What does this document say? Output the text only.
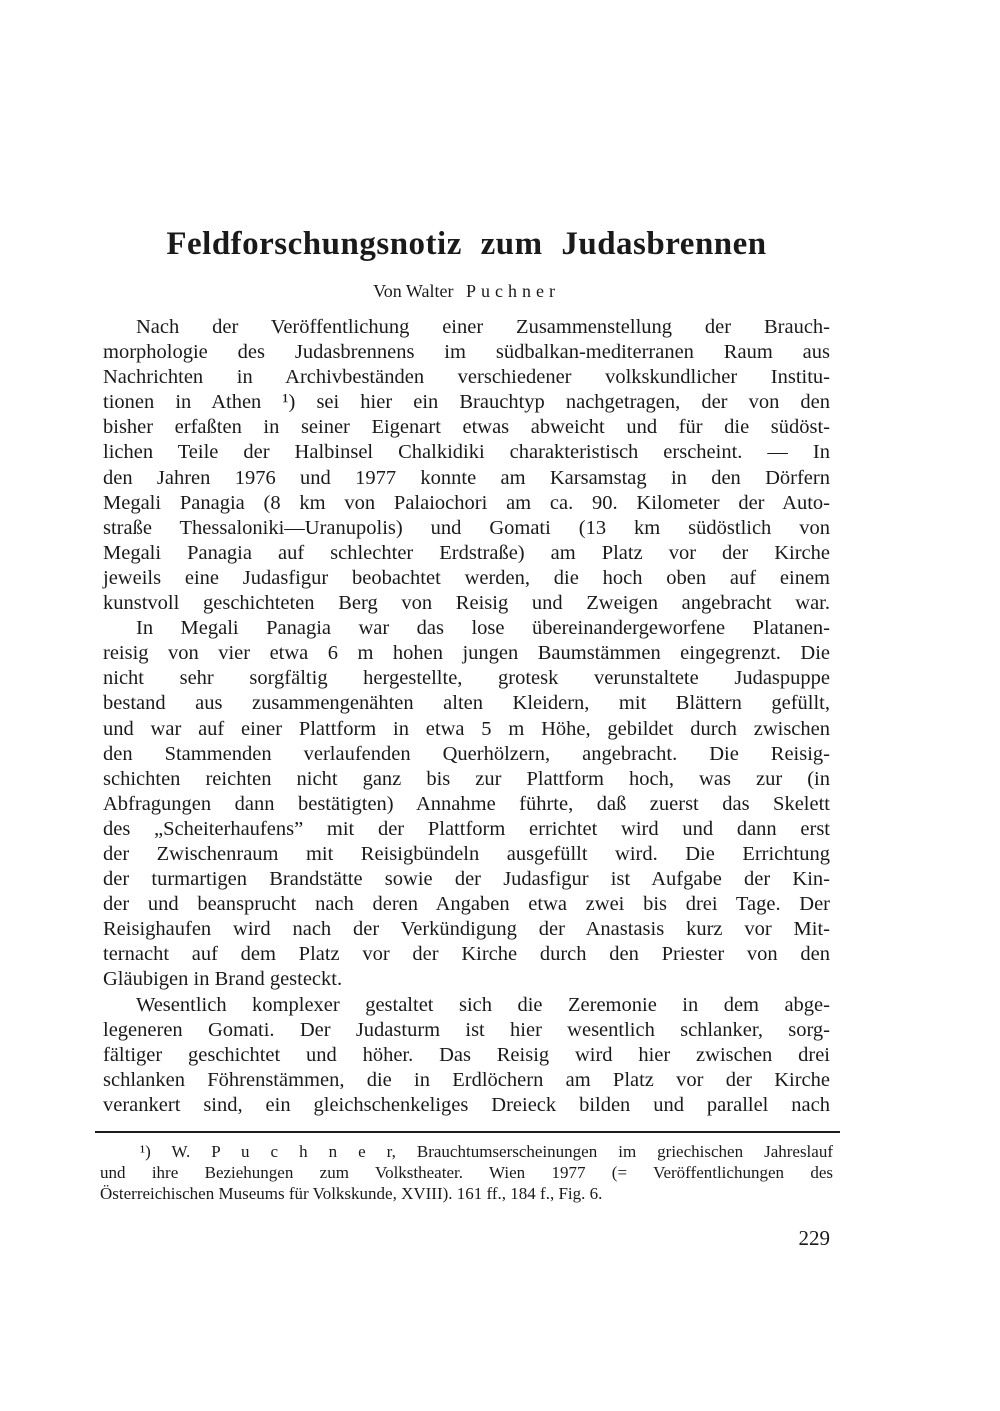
Feldforschungsnotiz zum Judasbrennen
Von Walter Puchner
Nach der Veröffentlichung einer Zusammenstellung der Brauch-
morphologie des Judasbrennens im südbalkan-mediterranen Raum aus
Nachrichten in Archivbeständen verschiedener volkskundlicher Institu-
tionen in Athen ¹) sei hier ein Brauchtyp nachgetragen, der von den
bisher erfaßten in seiner Eigenart etwas abweicht und für die südöst-
lichen Teile der Halbinsel Chalkidiki charakteristisch erscheint. — In
den Jahren 1976 und 1977 konnte am Karsamstag in den Dörfern
Megali Panagia (8 km von Palaiochori am ca. 90. Kilometer der Auto-
straße Thessaloniki—Uranupolis) und Gomati (13 km südöstlich von
Megali Panagia auf schlechter Erdstraße) am Platz vor der Kirche
jeweils eine Judasfigur beobachtet werden, die hoch oben auf einem
kunstvoll geschichteten Berg von Reisig und Zweigen angebracht war.
In Megali Panagia war das lose übereinandergeworfene Platanen-
reisig von vier etwa 6 m hohen jungen Baumstämmen eingegrenzt. Die
nicht sehr sorgfältig hergestellte, grotesk verunstaltete Judaspuppe
bestand aus zusammengenähten alten Kleidern, mit Blättern gefüllt,
und war auf einer Plattform in etwa 5 m Höhe, gebildet durch zwischen
den Stammenden verlaufenden Querhölzern, angebracht. Die Reisig-
schichten reichten nicht ganz bis zur Plattform hoch, was zur (in
Abfragungen dann bestätigten) Annahme führte, daß zuerst das Skelett
des „Scheiterhaufens” mit der Plattform errichtet wird und dann erst
der Zwischenraum mit Reisigbündeln ausgefüllt wird. Die Errichtung
der turmartigen Brandstätte sowie der Judasfigur ist Aufgabe der Kin-
der und beansprucht nach deren Angaben etwa zwei bis drei Tage. Der
Reisighaufen wird nach der Verkündigung der Anastasis kurz vor Mit-
ternacht auf dem Platz vor der Kirche durch den Priester von den
Gläubigen in Brand gesteckt.
Wesentlich komplexer gestaltet sich die Zeremonie in dem abge-
legeneren Gomati. Der Judasturm ist hier wesentlich schlanker, sorg-
fältiger geschichtet und höher. Das Reisig wird hier zwischen drei
schlanken Föhrenstämmen, die in Erdlöchern am Platz vor der Kirche
verankert sind, ein gleichschenkeliges Dreieck bilden und parallel nach
¹) W. P u c h n e r, Brauchtumserscheinungen im griechischen Jahreslauf
und ihre Beziehungen zum Volkstheater. Wien 1977 (= Veröffentlichungen des
Österreichischen Museums für Volkskunde, XVIII). 161 ff., 184 f., Fig. 6.
229
